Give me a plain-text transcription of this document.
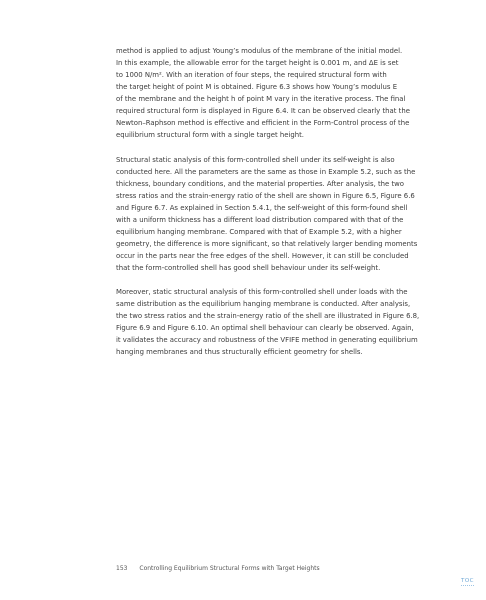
method is applied to adjust Young’s modulus of the membrane of the initial model.
In this example, the allowable error for the target height is 0.001 m, and ΔE is set
to 1000 N/m². With an iteration of four steps, the required structural form with
the target height of point M is obtained. Figure 6.3 shows how Young’s modulus E
of the membrane and the height h of point M vary in the iterative process. The final
required structural form is displayed in Figure 6.4. It can be observed clearly that the
Newton–Raphson method is effective and efficient in the Form-Control process of the
equilibrium structural form with a single target height.
Structural static analysis of this form-controlled shell under its self-weight is also
conducted here. All the parameters are the same as those in Example 5.2, such as the
thickness, boundary conditions, and the material properties. After analysis, the two
stress ratios and the strain-energy ratio of the shell are shown in Figure 6.5, Figure 6.6
and Figure 6.7. As explained in Section 5.4.1, the self-weight of this form-found shell
with a uniform thickness has a different load distribution compared with that of the
equilibrium hanging membrane. Compared with that of Example 5.2, with a higher
geometry, the difference is more significant, so that relatively larger bending moments
occur in the parts near the free edges of the shell. However, it can still be concluded
that the form-controlled shell has good shell behaviour under its self-weight.
Moreover, static structural analysis of this form-controlled shell under loads with the
same distribution as the equilibrium hanging membrane is conducted. After analysis,
the two stress ratios and the strain-energy ratio of the shell are illustrated in Figure 6.8,
Figure 6.9 and Figure 6.10. An optimal shell behaviour can clearly be observed. Again,
it validates the accuracy and robustness of the VFIFE method in generating equilibrium
hanging membranes and thus structurally efficient geometry for shells.
153 Controlling Equilibrium Structural Forms with Target Heights
TOC
